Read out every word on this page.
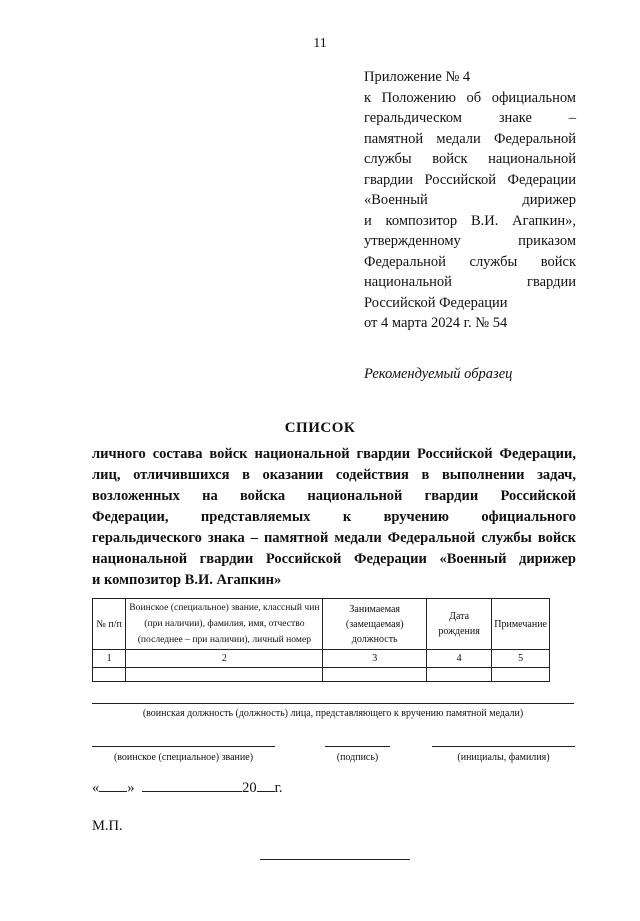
11
Приложение № 4
к Положению об официальном
геральдическом знаке –
памятной медали Федеральной
службы войск национальной
гвардии Российской Федерации
«Военный дирижер
и композитор В.И. Агапкин»,
утвержденному приказом
Федеральной службы войск
национальной гвардии
Российской Федерации
от 4 марта 2024 г. № 54
Рекомендуемый образец
СПИСОК
личного состава войск национальной гвардии Российской Федерации,
лиц, отличившихся в оказании содействия в выполнении задач,
возложенных на войска национальной гвардии Российской
Федерации, представляемых к вручению официального
геральдического знака – памятной медали Федеральной службы войск
национальной гвардии Российской Федерации «Военный дирижер
и композитор В.И. Агапкин»
№ п/п	Воинское (специальное) звание, классный чин (при наличии), фамилия, имя, отчество (последнее – при наличии), личный номер	Занимаемая (замещаемая) должность	Дата рождения	Примечание
1	2	3	4	5

(воинская должность (должность) лица, представляющего к вручению памятной медали)
(воинское (специальное) звание)	(подпись)	(инициалы, фамилия)
« »	20 г.
М.П.
